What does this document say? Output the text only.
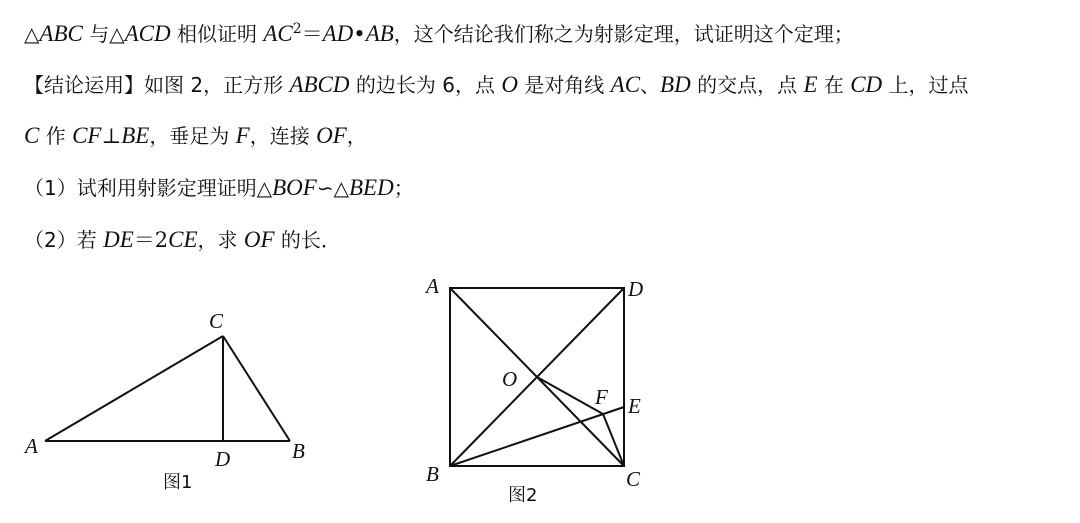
△ABC 与△ACD 相似证明 $AC^2=AD•AB$，这个结论我们称之为射影定理，试证明这个定理；
【结论运用】如图 2，正方形 ABCD 的边长为 6，点 O 是对角线 AC、BD 的交点，点 E 在 CD 上，过点
C 作 CF⊥BE，垂足为 F，连接 OF，
（1）试利用射影定理证明△BOF∽△BED；
（2）若 DE＝2CE，求 OF 的长．
A	B
C
D
图1
A
B	C
D
O
E
F
图2
